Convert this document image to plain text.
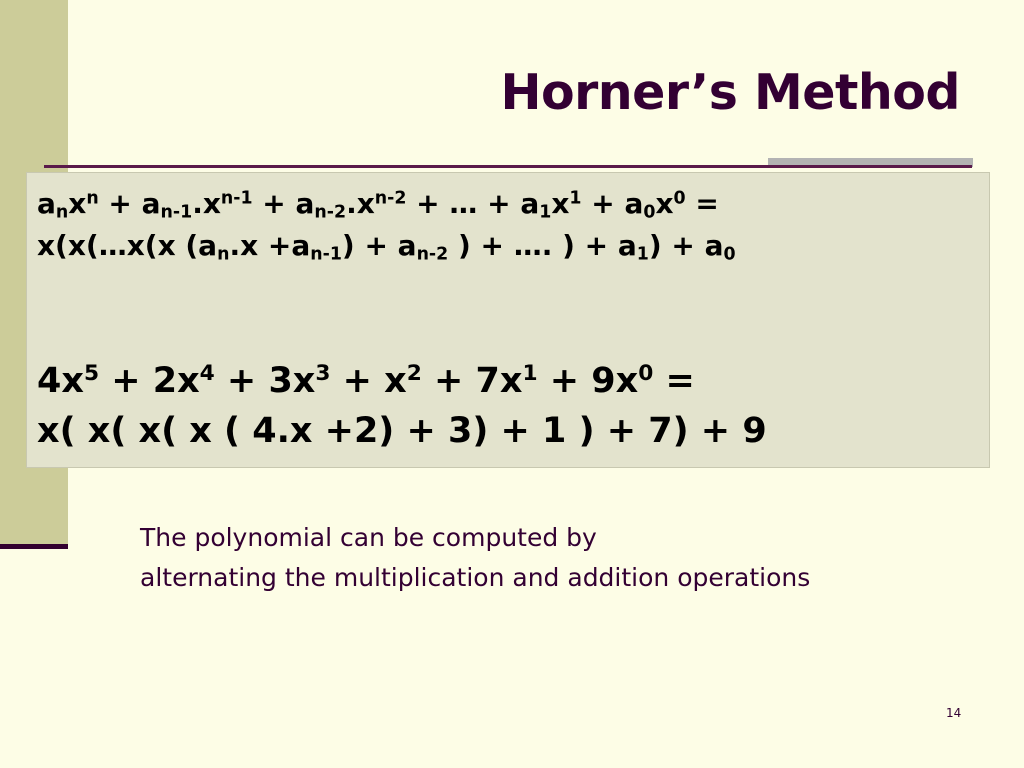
Horner’s Method
$a_nx^n + a_{n-1}.x^{n-1} + a_{n-2}.x^{n-2}$ + … + $a_1x^1 + a_0x^0$ =
x(x(…x(x $(a_n.x +a_{n-1}) + a_{n-2}$ ) + …. ) + $a_1) + a_0$
$4x^5 + 2x^4 + 3x^3 + x^2 + 7x^1 + 9x^0$ =
x( x( x( x ( 4.x +2) + 3) + 1 ) + 7) + 9
The polynomial can be computed by
alternating the multiplication and addition operations
14
